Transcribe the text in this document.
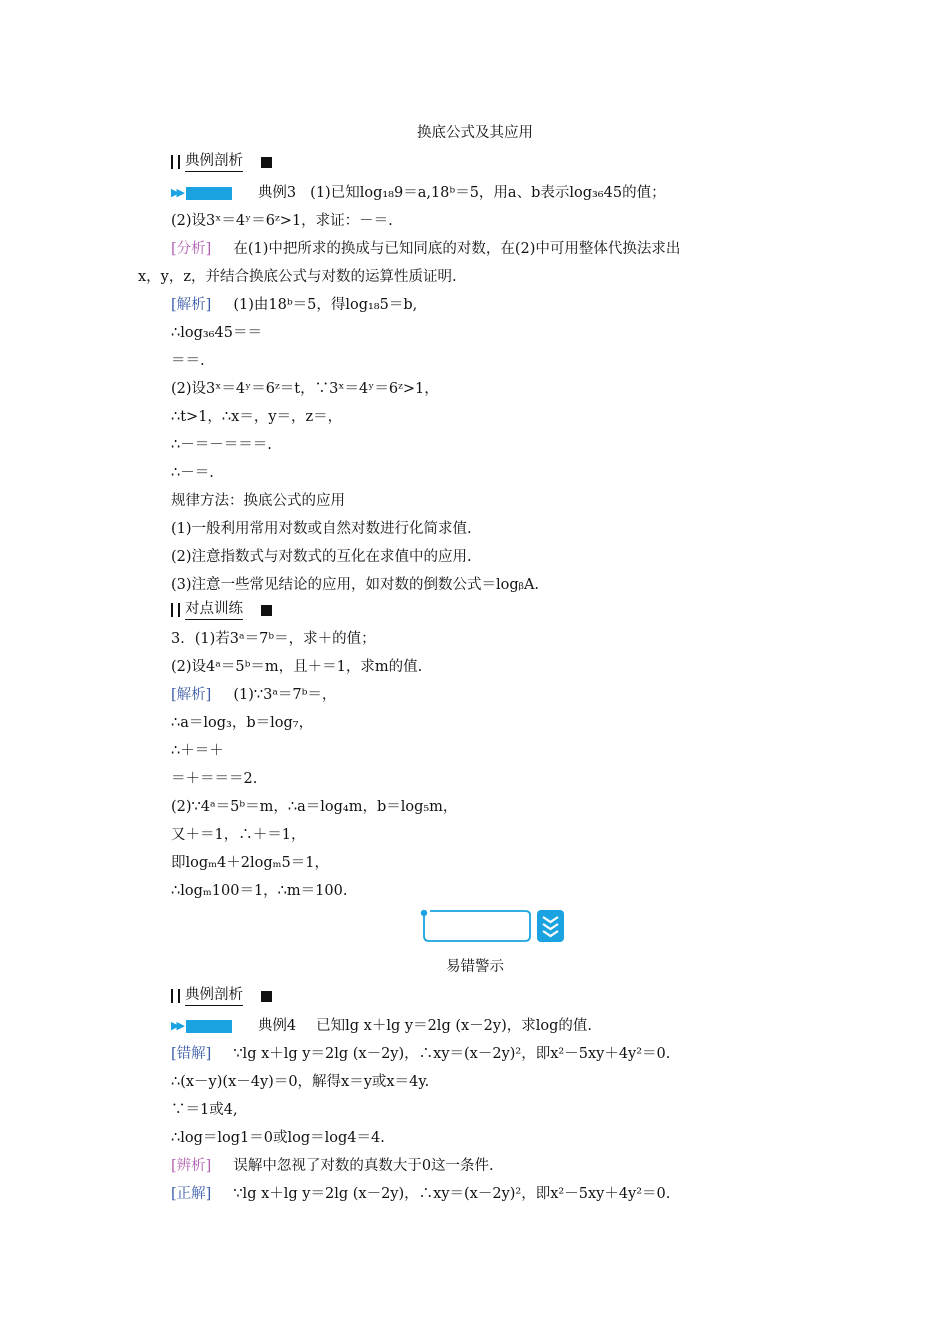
换底公式及其应用
典例剖析
▶▶	典例3 (1)已知log₁₈9＝a,18ᵇ＝5，用a、b表示log₃₆45的值；
(2)设3ˣ＝4ʸ＝6ᶻ>1，求证：－＝.
[分析] 在(1)中把所求的换成与已知同底的对数，在(2)中可用整体代换法求出
x，y，z，并结合换底公式与对数的运算性质证明.
[解析] (1)由18ᵇ＝5，得log₁₈5＝b,
∴log₃₆45＝＝
＝＝.
(2)设3ˣ＝4ʸ＝6ᶻ＝t，∵3ˣ＝4ʸ＝6ᶻ>1，
∴t>1，∴x＝，y＝，z＝，
∴－＝－＝＝＝.
∴－＝.
规律方法：换底公式的应用
(1)一般利用常用对数或自然对数进行化简求值.
(2)注意指数式与对数式的互化在求值中的应用.
(3)注意一些常见结论的应用，如对数的倒数公式＝logᵦA.
对点训练
3．(1)若3ᵃ＝7ᵇ＝，求＋的值；
(2)设4ᵃ＝5ᵇ＝m，且＋＝1，求m的值.
[解析] (1)∵3ᵃ＝7ᵇ＝，
∴a＝log₃，b＝log₇，
∴＋＝＋
＝＋＝＝＝2.
(2)∵4ᵃ＝5ᵇ＝m，∴a＝log₄m，b＝log₅m，
又＋＝1，∴＋＝1，
即logₘ4＋2logₘ5＝1，
∴logₘ100＝1，∴m＝100.
易错警示
典例剖析
▶▶	典例4 已知lg x＋lg y＝2lg (x－2y)，求log的值.
[错解] ∵lg x＋lg y＝2lg (x－2y)，∴xy＝(x－2y)²，即x²－5xy＋4y²＝0.
∴(x－y)(x－4y)＝0，解得x＝y或x＝4y.
∵＝1或4,
∴log＝log1＝0或log＝log4＝4.
[辨析] 误解中忽视了对数的真数大于0这一条件.
[正解] ∵lg x＋lg y＝2lg (x－2y)，∴xy＝(x－2y)²，即x²－5xy＋4y²＝0.
